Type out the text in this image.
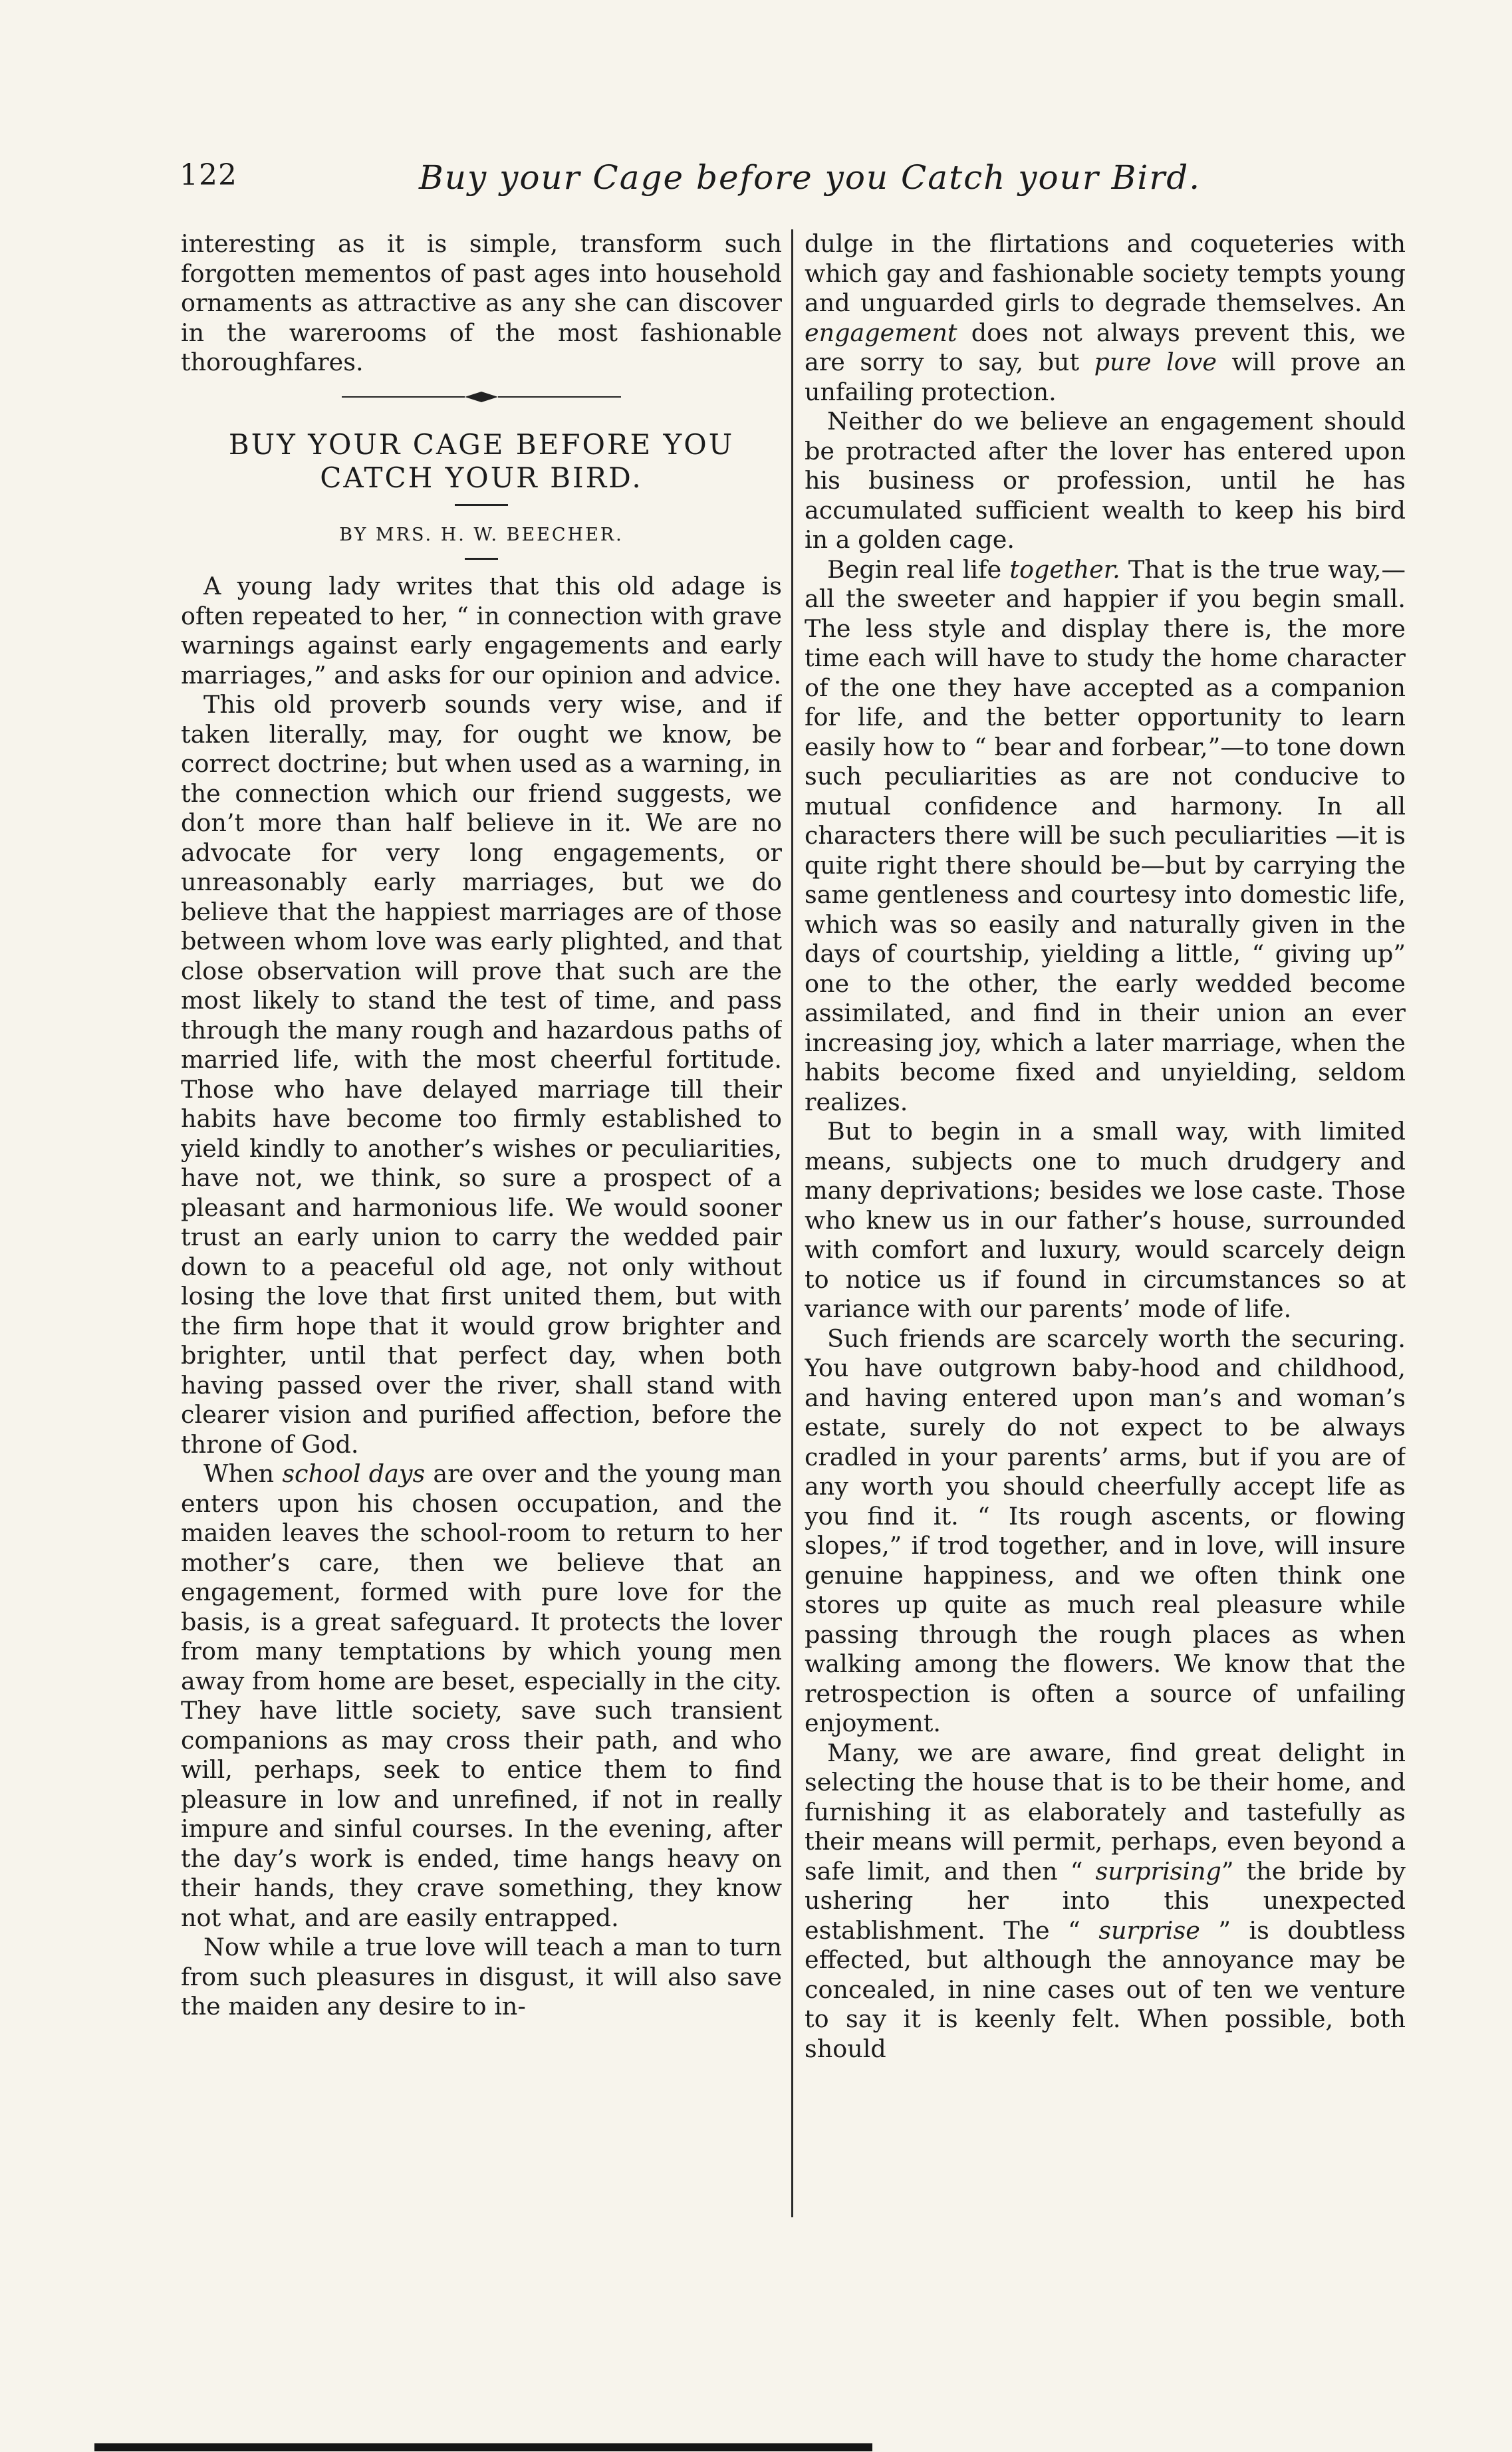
122	Buy your Cage before you Catch your Bird.

interesting as it is simple, transform such forgotten mementos of past ages into household ornaments as attractive as any she can discover in the warerooms of the most fashionable thoroughfares.

BUY YOUR CAGE BEFORE YOU CATCH YOUR BIRD.
BY MRS. H. W. BEECHER.

A young lady writes that this old adage is often repeated to her, “ in connection with grave warnings against early engagements and early marriages,” and asks for our opinion and advice.

This old proverb sounds very wise, and if taken literally, may, for ought we know, be correct doctrine; but when used as a warning, in the connection which our friend suggests, we don’t more than half believe in it. We are no advocate for very long engagements, or unreasonably early marriages, but we do believe that the happiest marriages are of those between whom love was early plighted, and that close observation will prove that such are the most likely to stand the test of time, and pass through the many rough and hazardous paths of married life, with the most cheerful fortitude. Those who have delayed marriage till their habits have become too firmly established to yield kindly to another’s wishes or peculiarities, have not, we think, so sure a prospect of a pleasant and harmonious life. We would sooner trust an early union to carry the wedded pair down to a peaceful old age, not only without losing the love that first united them, but with the firm hope that it would grow brighter and brighter, until that perfect day, when both having passed over the river, shall stand with clearer vision and purified affection, before the throne of God.

When school days are over and the young man enters upon his chosen occupation, and the maiden leaves the school-room to return to her mother’s care, then we believe that an engagement, formed with pure love for the basis, is a great safeguard. It protects the lover from many temptations by which young men away from home are beset, especially in the city. They have little society, save such transient companions as may cross their path, and who will, perhaps, seek to entice them to find pleasure in low and unrefined, if not in really impure and sinful courses. In the evening, after the day’s work is ended, time hangs heavy on their hands, they crave something, they know not what, and are easily entrapped.

Now while a true love will teach a man to turn from such pleasures in disgust, it will also save the maiden any desire to in-

dulge in the flirtations and coqueteries with which gay and fashionable society tempts young and unguarded girls to degrade themselves. An engagement does not always prevent this, we are sorry to say, but pure love will prove an unfailing protection.

Neither do we believe an engagement should be protracted after the lover has entered upon his business or profession, until he has accumulated sufficient wealth to keep his bird in a golden cage.

Begin real life together. That is the true way,—all the sweeter and happier if you begin small. The less style and display there is, the more time each will have to study the home character of the one they have accepted as a companion for life, and the better opportunity to learn easily how to “ bear and forbear,”—to tone down such peculiarities as are not conducive to mutual confidence and harmony. In all characters there will be such peculiarities —it is quite right there should be—but by carrying the same gentleness and courtesy into domestic life, which was so easily and naturally given in the days of courtship, yielding a little, “ giving up” one to the other, the early wedded become assimilated, and find in their union an ever increasing joy, which a later marriage, when the habits become fixed and unyielding, seldom realizes.

But to begin in a small way, with limited means, subjects one to much drudgery and many deprivations; besides we lose caste. Those who knew us in our father’s house, surrounded with comfort and luxury, would scarcely deign to notice us if found in circumstances so at variance with our parents’ mode of life.

Such friends are scarcely worth the securing. You have outgrown baby-hood and childhood, and having entered upon man’s and woman’s estate, surely do not expect to be always cradled in your parents’ arms, but if you are of any worth you should cheerfully accept life as you find it. “ Its rough ascents, or flowing slopes,” if trod together, and in love, will insure genuine happiness, and we often think one stores up quite as much real pleasure while passing through the rough places as when walking among the flowers. We know that the retrospection is often a source of unfailing enjoyment.

Many, we are aware, find great delight in selecting the house that is to be their home, and furnishing it as elaborately and tastefully as their means will permit, perhaps, even beyond a safe limit, and then “ surprising” the bride by ushering her into this unexpected establishment. The “ surprise ” is doubtless effected, but although the annoyance may be concealed, in nine cases out of ten we venture to say it is keenly felt. When possible, both should
